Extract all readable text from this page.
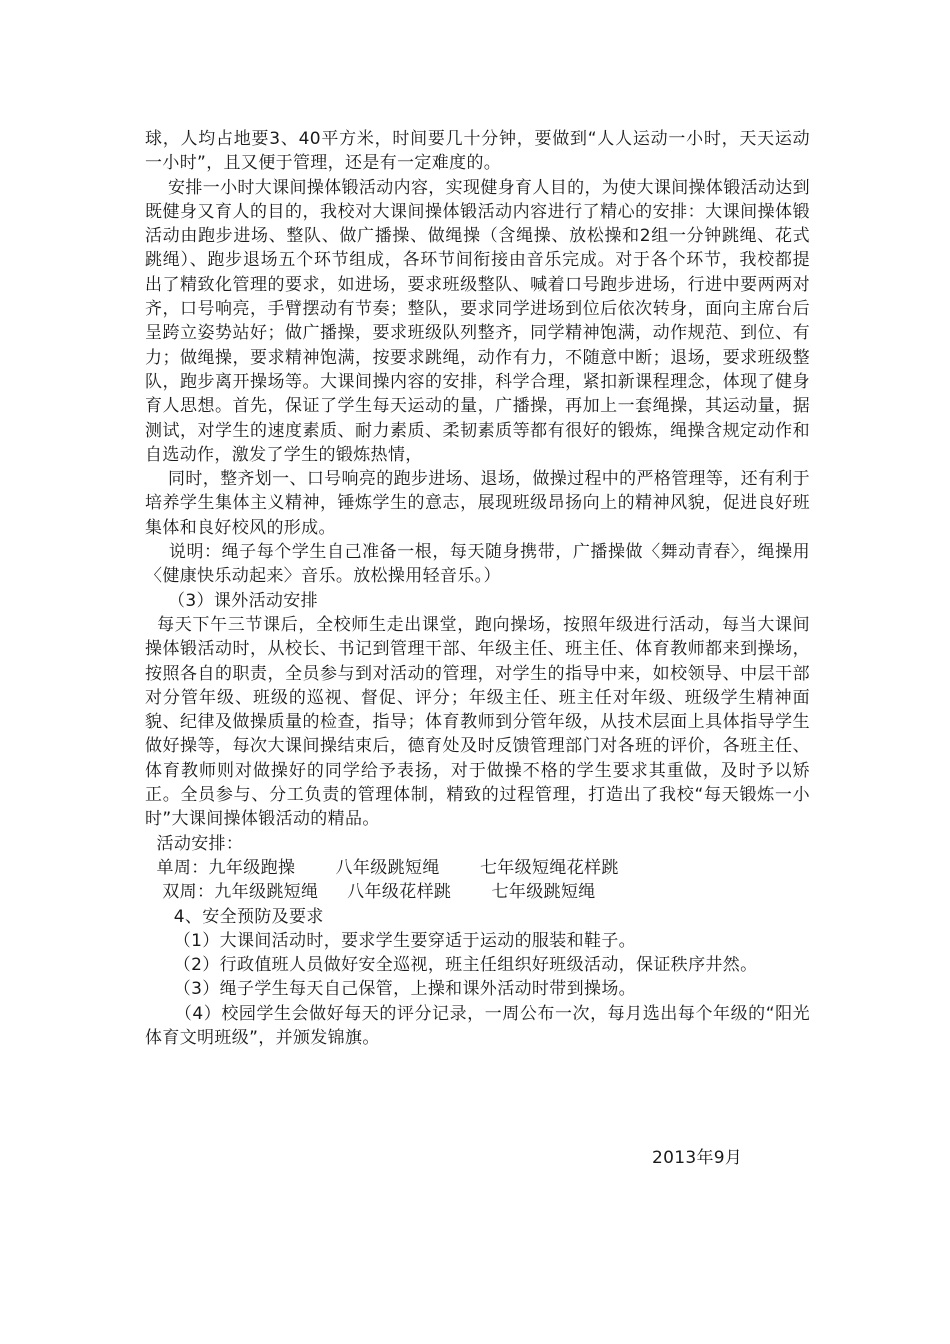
球，人均占地要3、40平方米，时间要几十分钟，要做到“人人运动一小时，天天运动一小时”，且又便于管理，还是有一定难度的。

安排一小时大课间操体锻活动内容，实现健身育人目的，为使大课间操体锻活动达到既健身又育人的目的，我校对大课间操体锻活动内容进行了精心的安排：大课间操体锻活动由跑步进场、整队、做广播操、做绳操（含绳操、放松操和2组一分钟跳绳、花式跳绳）、跑步退场五个环节组成，各环节间衔接由音乐完成。对于各个环节，我校都提出了精致化管理的要求，如进场，要求班级整队、喊着口号跑步进场，行进中要两两对齐，口号响亮，手臂摆动有节奏；整队，要求同学进场到位后依次转身，面向主席台后呈跨立姿势站好；做广播操，要求班级队列整齐，同学精神饱满，动作规范、到位、有力；做绳操，要求精神饱满，按要求跳绳，动作有力，不随意中断；退场，要求班级整队，跑步离开操场等。大课间操内容的安排，科学合理，紧扣新课程理念，体现了健身育人思想。首先，保证了学生每天运动的量，广播操，再加上一套绳操，其运动量，据测试，对学生的速度素质、耐力素质、柔韧素质等都有很好的锻炼，绳操含规定动作和自选动作，激发了学生的锻炼热情，

同时，整齐划一、口号响亮的跑步进场、退场，做操过程中的严格管理等，还有利于培养学生集体主义精神，锤炼学生的意志，展现班级昂扬向上的精神风貌，促进良好班集体和良好校风的形成。

说明：绳子每个学生自己准备一根，每天随身携带，广播操做〈舞动青春〉，绳操用〈健康快乐动起来〉音乐。放松操用轻音乐。）

（3）课外活动安排

每天下午三节课后，全校师生走出课堂，跑向操场，按照年级进行活动，每当大课间操体锻活动时，从校长、书记到管理干部、年级主任、班主任、体育教师都来到操场，按照各自的职责，全员参与到对活动的管理，对学生的指导中来，如校领导、中层干部对分管年级、班级的巡视、督促、评分；年级主任、班主任对年级、班级学生精神面貌、纪律及做操质量的检查，指导；体育教师到分管年级，从技术层面上具体指导学生做好操等，每次大课间操结束后，德育处及时反馈管理部门对各班的评价，各班主任、体育教师则对做操好的同学给予表扬，对于做操不格的学生要求其重做，及时予以矫正。全员参与、分工负责的管理体制，精致的过程管理，打造出了我校“每天锻炼一小时”大课间操体锻活动的精品。

活动安排：

单周：九年级跑操       八年级跳短绳       七年级短绳花样跳

双周：九年级跳短绳     八年级花样跳       七年级跳短绳

4、安全预防及要求

（1）大课间活动时，要求学生要穿适于运动的服装和鞋子。

（2）行政值班人员做好安全巡视，班主任组织好班级活动，保证秩序井然。

（3）绳子学生每天自己保管，上操和课外活动时带到操场。

（4）校园学生会做好每天的评分记录，一周公布一次，每月选出每个年级的“阳光体育文明班级”，并颁发锦旗。

2013年9月
